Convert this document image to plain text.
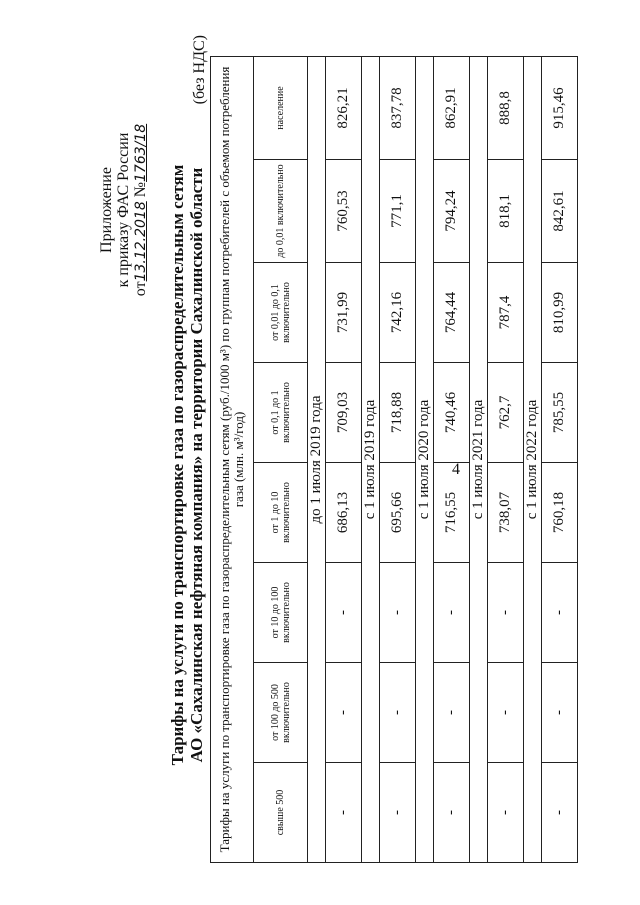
4
Приложение к приказу ФАС России
от13.12.2018 №1763/18
Тарифы на услуги по транспортировке газа по газораспределительным сетям АО «Сахалинская нефтяная компания» на территории Сахалинской области
(без НДС) Тарифы на услуги по транспортировке газа по газораспределительным сетям (руб./1000 м³) по группам потребителей с объемом потребления газа (млн. м³/год)							
свыше 500	от 100 до 500 включительно	от 10 до 100 включительно	от 1 до 10 включительно	от 0,1 до 1 включительно	от 0,01 до 0,1 включительно	до 0,01 включительно	население
до 1 июля 2019 года							
-	-	-	686,13	709,03	731,99	760,53	826,21
с 1 июля 2019 года							
-	-	-	695,66	718,88	742,16	771,1	837,78
с 1 июля 2020 года							
-	-	-	716,55	740,46	764,44	794,24	862,91
с 1 июля 2021 года							
-	-	-	738,07	762,7	787,4	818,1	888,8
с 1 июля 2022 года							
-	-	-	760,18	785,55	810,99	842,61	915,46
